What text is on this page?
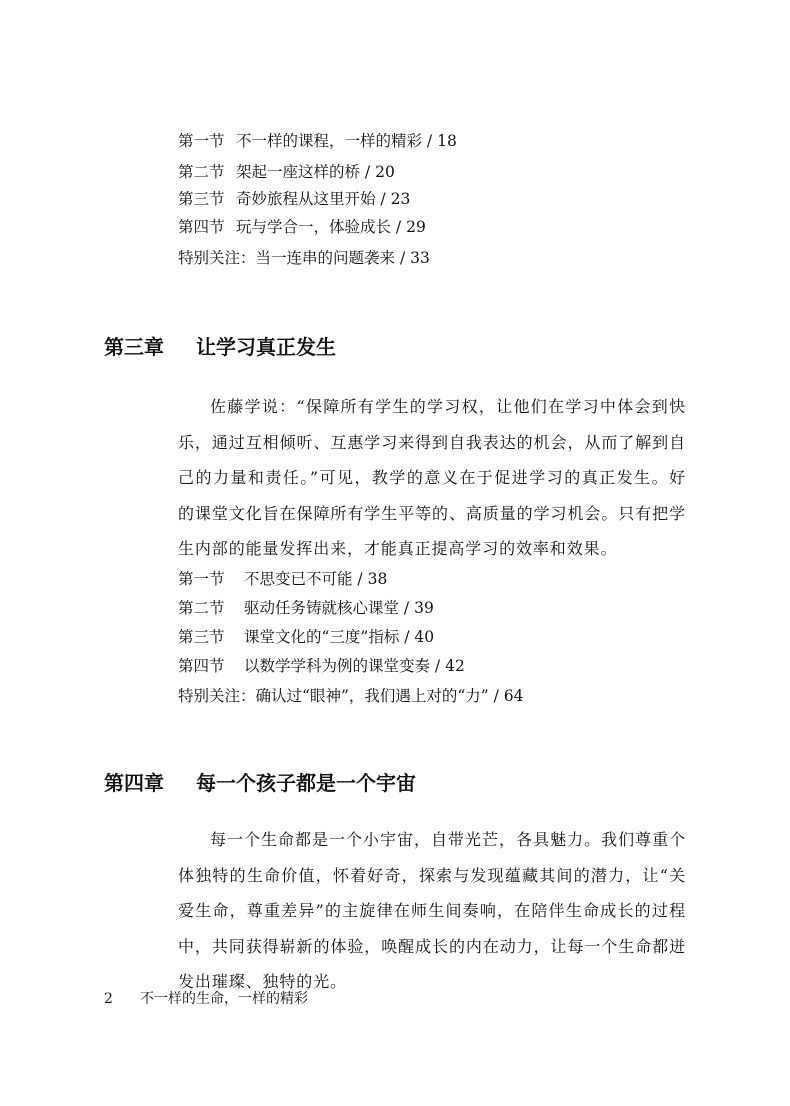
第一节 不一样的课程，一样的精彩 / 18
第二节 架起一座这样的桥 / 20
第三节 奇妙旅程从这里开始 / 23
第四节 玩与学合一，体验成长 / 29
特别关注：当一连串的问题袭来 / 33
第三章 让学习真正发生
佐藤学说：“保障所有学生的学习权，让他们在学习中体会到快乐，通过互相倾听、互惠学习来得到自我表达的机会，从而了解到自己的力量和责任。”可见，教学的意义在于促进学习的真正发生。好的课堂文化旨在保障所有学生平等的、高质量的学习机会。只有把学生内部的能量发挥出来，才能真正提高学习的效率和效果。
第一节 不思变已不可能 / 38
第二节 驱动任务铸就核心课堂 / 39
第三节 课堂文化的“三度”指标 / 40
第四节 以数学学科为例的课堂变奏 / 42
特别关注：确认过“眼神”，我们遇上对的“力” / 64
第四章 每一个孩子都是一个宇宙
每一个生命都是一个小宇宙，自带光芒，各具魅力。我们尊重个体独特的生命价值，怀着好奇，探索与发现蕴藏其间的潜力，让“关爱生命，尊重差异”的主旋律在师生间奏响，在陪伴生命成长的过程中，共同获得崭新的体验，唤醒成长的内在动力，让每一个生命都迸发出璀璨、独特的光。
2 不一样的生命，一样的精彩
